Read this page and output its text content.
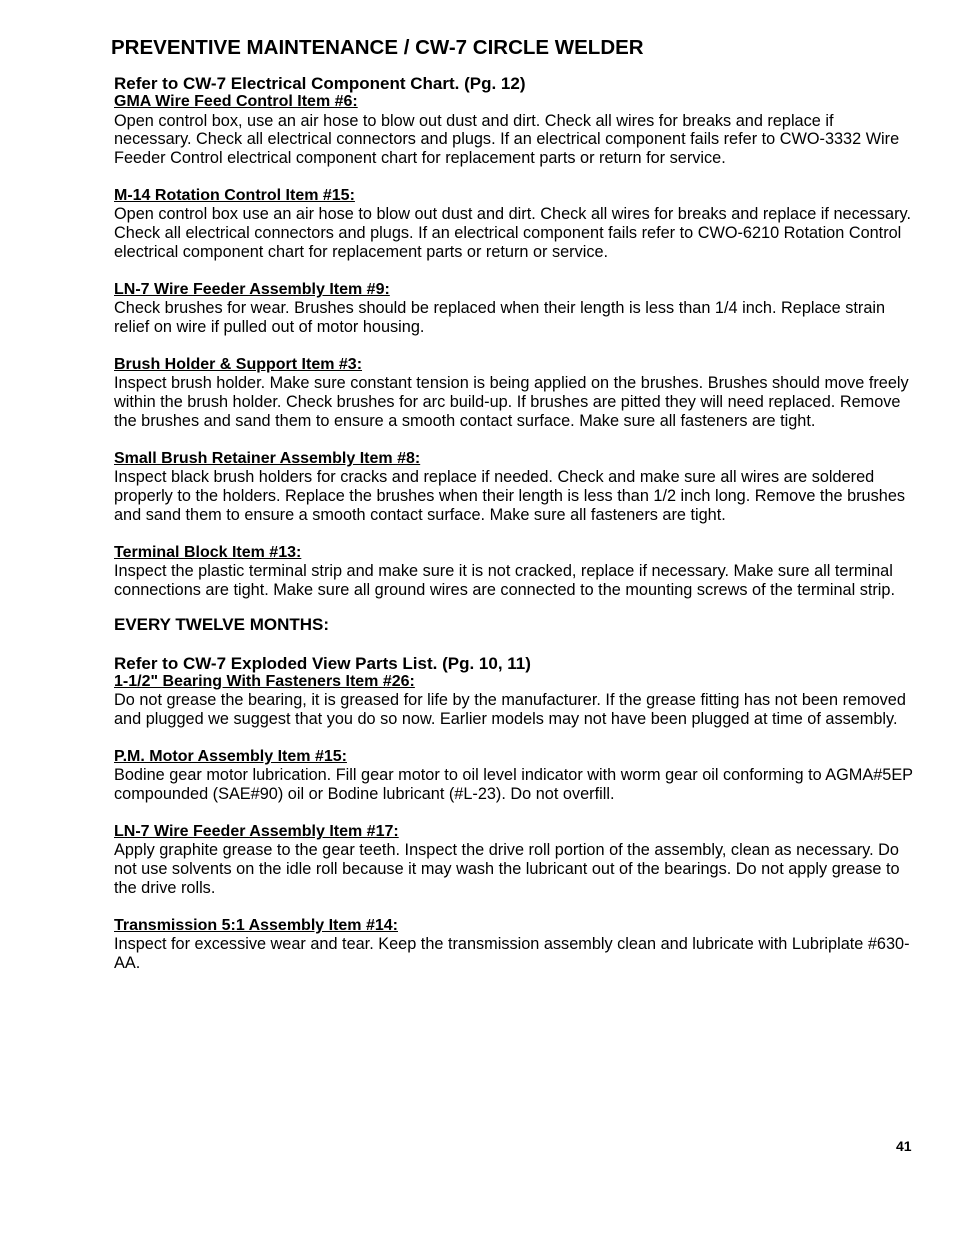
PREVENTIVE MAINTENANCE / CW-7 CIRCLE WELDER

Refer to CW-7 Electrical Component Chart. (Pg. 12)

GMA Wire Feed Control Item #6:

Open control box, use an air hose to blow out dust and dirt. Check all wires for breaks and replace if necessary. Check all electrical connectors and plugs. If an electrical component fails refer to CWO-3332 Wire Feeder Control electrical component chart for replacement parts or return for service.

M-14 Rotation Control Item #15:

Open control box use an air hose to blow out dust and dirt. Check all wires for breaks and replace if necessary. Check all electrical connectors and plugs. If an electrical component fails refer to CWO-6210 Rotation Control electrical component chart for replacement parts or return or service.

LN-7 Wire Feeder Assembly Item #9:

Check brushes for wear. Brushes should be replaced when their length is less than 1/4 inch. Replace strain relief on wire if pulled out of motor housing.

Brush Holder & Support Item #3:

Inspect brush holder. Make sure constant tension is being applied on the brushes. Brushes should move freely within the brush holder. Check brushes for arc build-up. If brushes are pitted they will need replaced. Remove the brushes and sand them to ensure a smooth contact surface. Make sure all fasteners are tight.

Small Brush Retainer Assembly Item #8:

Inspect black brush holders for cracks and replace if needed. Check and make sure all wires are soldered properly to the holders. Replace the brushes when their length is less than 1/2 inch long. Remove the brushes and sand them to ensure a smooth contact surface. Make sure all fasteners are tight.

Terminal Block Item #13:

Inspect the plastic terminal strip and make sure it is not cracked, replace if necessary. Make sure all terminal connections are tight. Make sure all ground wires are connected to the mounting screws of the terminal strip.

EVERY TWELVE MONTHS:

Refer to CW-7 Exploded View Parts List. (Pg. 10, 11)

1-1/2" Bearing With Fasteners Item #26:

Do not grease the bearing, it is greased for life by the manufacturer. If the grease fitting has not been removed and plugged we suggest that you do so now. Earlier models may not have been plugged at time of assembly.

P.M. Motor Assembly Item #15:

Bodine gear motor lubrication. Fill gear motor to oil level indicator with worm gear oil conforming to AGMA#5EP compounded (SAE#90) oil or Bodine lubricant (#L-23). Do not overfill.

LN-7 Wire Feeder Assembly Item #17:

Apply graphite grease to the gear teeth. Inspect the drive roll portion of the assembly, clean as necessary. Do not use solvents on the idle roll because it may wash the lubricant out of the bearings. Do not apply grease to the drive rolls.

Transmission 5:1 Assembly Item #14:

Inspect for excessive wear and tear. Keep the transmission assembly clean and lubricate with Lubriplate #630-AA.

41
